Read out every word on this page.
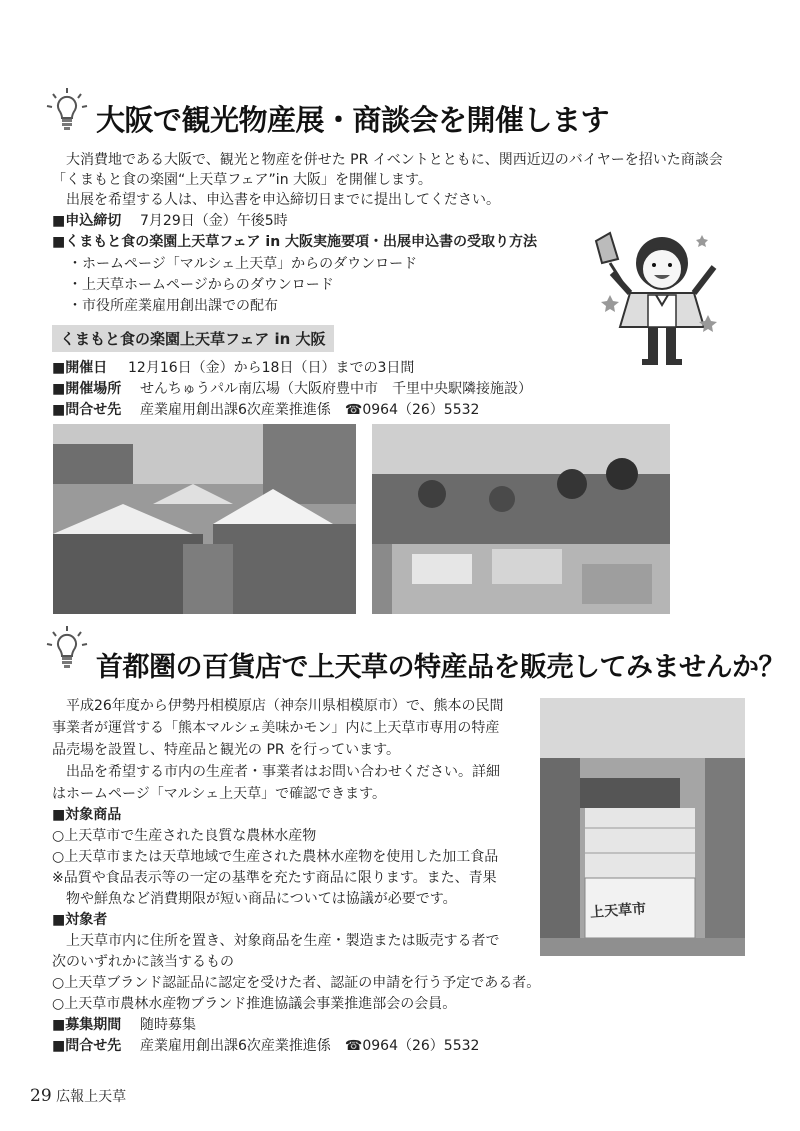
大阪で観光物産展・商談会を開催します
　大消費地である大阪で、観光と物産を併せた PR イベントとともに、関西近辺のバイヤーを招いた商談会
「くまもと食の楽園“上天草フェア”in 大阪」を開催します。
　出展を希望する人は、申込書を申込締切日までに提出してください。
■申込締切 7月29日（金）午後5時
■くまもと食の楽園上天草フェア in 大阪実施要項・出展申込書の受取り方法
・ホームページ「マルシェ上天草」からのダウンロード
・上天草ホームページからのダウンロード
・市役所産業雇用創出課での配布
くまもと食の楽園上天草フェア in 大阪
■開催日 12月16日（金）から18日（日）までの3日間
■開催場所 せんちゅうパル南広場（大阪府豊中市　千里中央駅隣接施設）
■問合せ先 産業雇用創出課6次産業推進係　☎0964（26）5532
首都圏の百貨店で上天草の特産品を販売してみませんか？
　平成26年度から伊勢丹相模原店（神奈川県相模原市）で、熊本の民間
事業者が運営する「熊本マルシェ美味かモン」内に上天草市専用の特産
品売場を設置し、特産品と観光の PR を行っています。
　出品を希望する市内の生産者・事業者はお問い合わせください。詳細
はホームページ「マルシェ上天草」で確認できます。
■対象商品
○上天草市で生産された良質な農林水産物
○上天草市または天草地域で生産された農林水産物を使用した加工食品
※品質や食品表示等の一定の基準を充たす商品に限ります。また、青果
　物や鮮魚など消費期限が短い商品については協議が必要です。
■対象者
　上天草市内に住所を置き、対象商品を生産・製造または販売する者で
次のいずれかに該当するもの
○上天草ブランド認証品に認定を受けた者、認証の申請を行う予定である者。
○上天草市農林水産物ブランド推進協議会事業推進部会の会員。
■募集期間 随時募集
■問合せ先 産業雇用創出課6次産業推進係　☎0964（26）5532
上天草市
29 広報上天草
